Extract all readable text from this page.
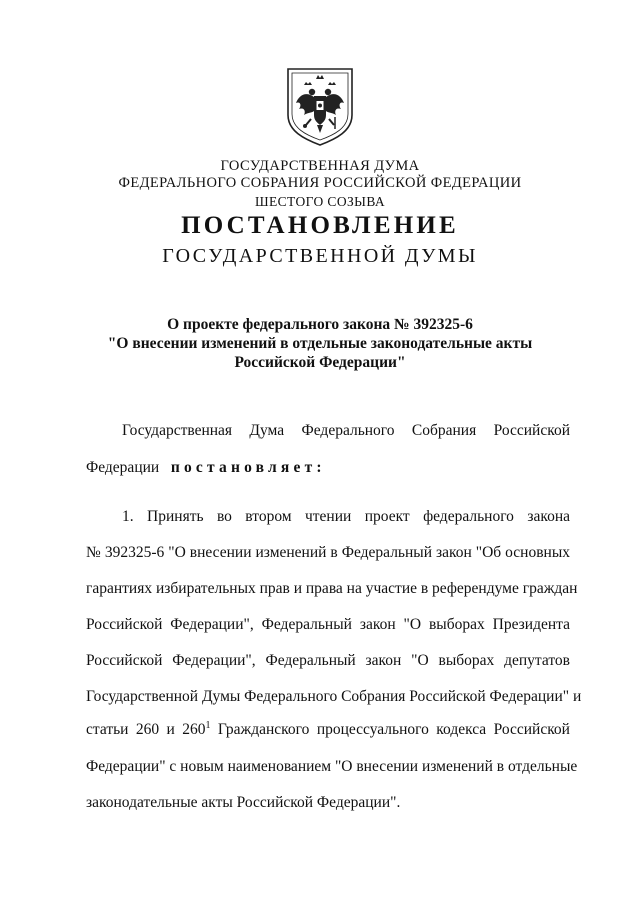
ГОСУДАРСТВЕННАЯ ДУМА
ФЕДЕРАЛЬНОГО СОБРАНИЯ РОССИЙСКОЙ ФЕДЕРАЦИИ
ШЕСТОГО СОЗЫВА
ПОСТАНОВЛЕНИЕ
ГОСУДАРСТВЕННОЙ ДУМЫ
О проекте федерального закона № 392325-6
"О внесении изменений в отдельные законодательные акты
Российской Федерации"
Государственная Дума Федерального Собрания Российской
Федерации постановляет:
1. Принять во втором чтении проект федерального закона
№ 392325-6 "О внесении изменений в Федеральный закон "Об основных
гарантиях избирательных прав и права на участие в референдуме граждан
Российской Федерации", Федеральный закон "О выборах Президента
Российской Федерации", Федеральный закон "О выборах депутатов
Государственной Думы Федерального Собрания Российской Федерации" и
статьи 260 и $260^1$ Гражданского процессуального кодекса Российской
Федерации" с новым наименованием "О внесении изменений в отдельные
законодательные акты Российской Федерации".
